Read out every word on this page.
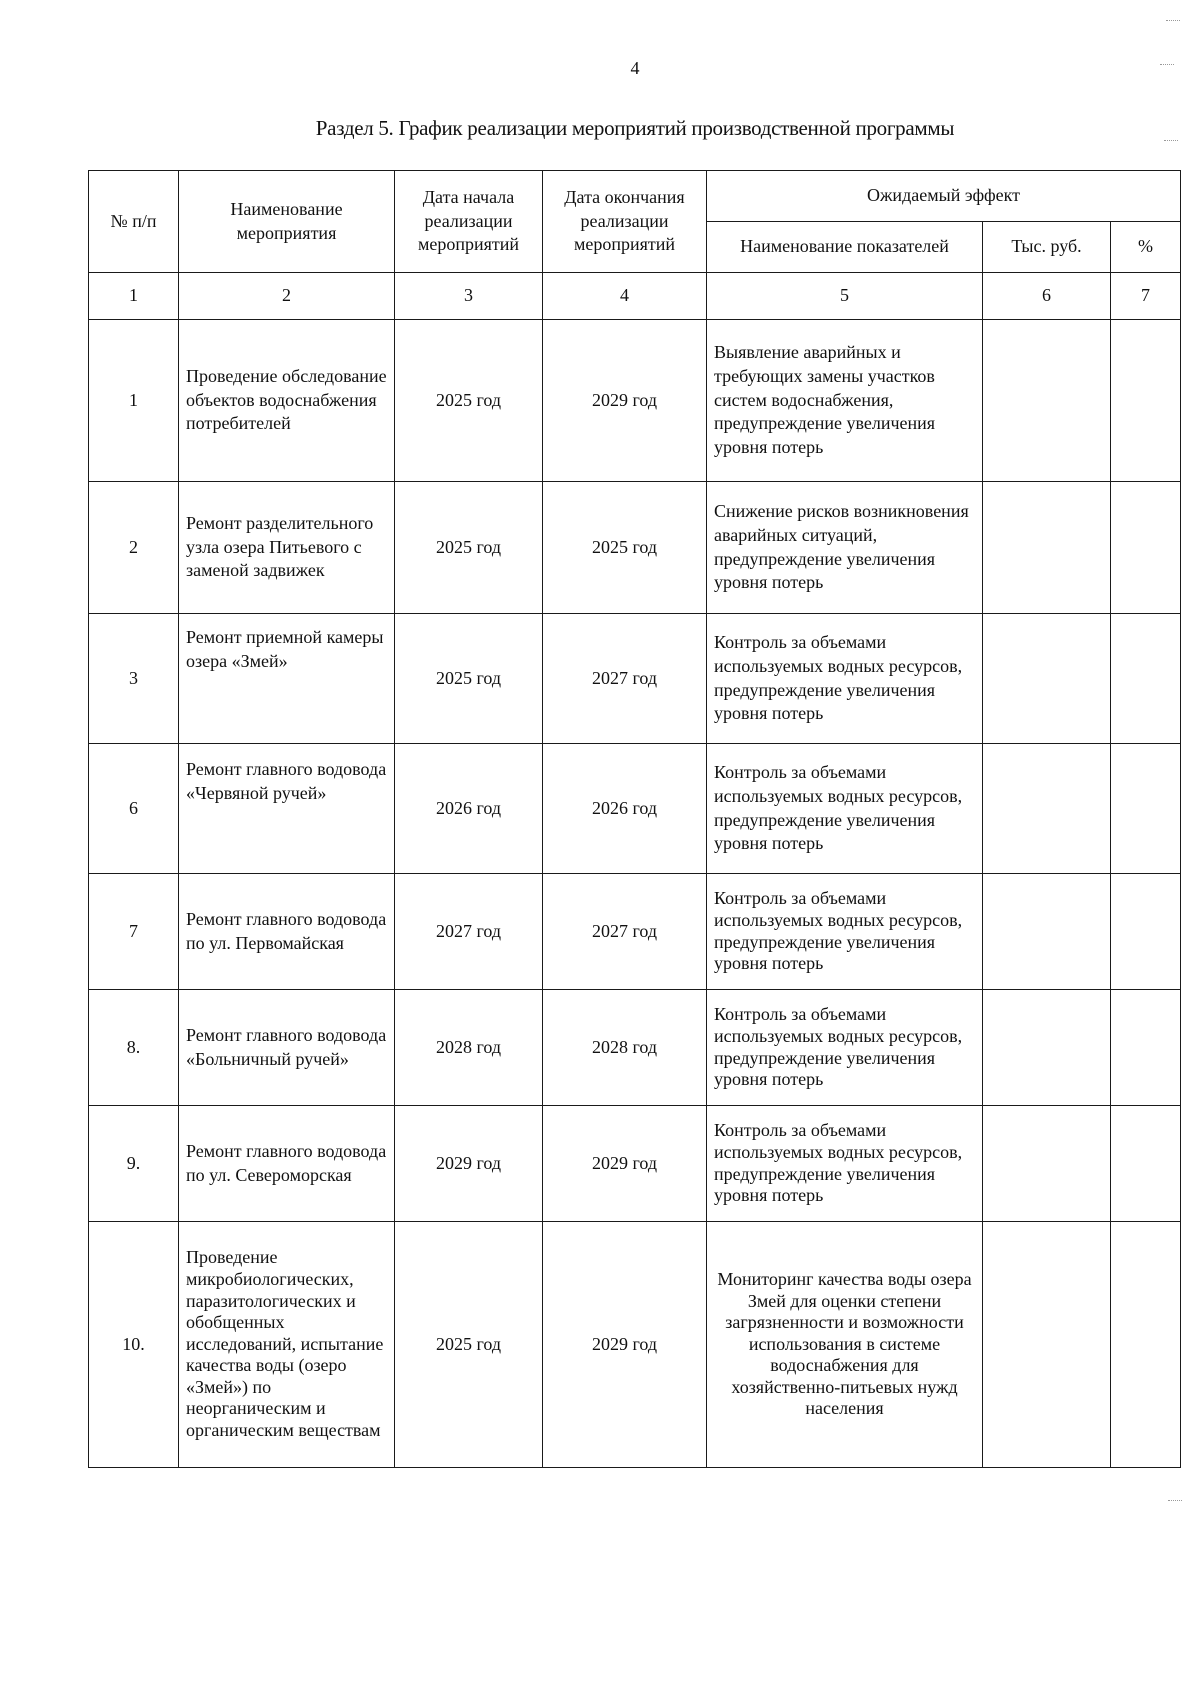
4
Раздел 5. График реализации мероприятий производственной программы
№ п/п	Наименование мероприятия	Дата начала реализации мероприятий	Дата окончания реализации мероприятий	Ожидаемый эффект		
				Наименование показателей	Тыс. руб.	%
1	2	3	4	5	6	7
1	Проведение обследование объектов водоснабжения потребителей	2025 год	2029 год	Выявление аварийных и требующих замены участков систем водоснабжения, предупреждение увеличения уровня потерь		
2	Ремонт разделительного узла озера Питьевого с заменой задвижек	2025 год	2025 год	Снижение рисков возникновения аварийных ситуаций, предупреждение увеличения уровня потерь		
3	Ремонт приемной камеры озера «Змей»	2025 год	2027 год	Контроль за объемами используемых водных ресурсов, предупреждение увеличения уровня потерь		
6	Ремонт главного водовода «Червяной ручей»	2026 год	2026 год	Контроль за объемами используемых водных ресурсов, предупреждение увеличения уровня потерь		
7	Ремонт главного водовода по ул. Первомайская	2027 год	2027 год	Контроль за объемами используемых водных ресурсов, предупреждение увеличения уровня потерь		
8.	Ремонт главного водовода «Больничный ручей»	2028 год	2028 год	Контроль за объемами используемых водных ресурсов, предупреждение увеличения уровня потерь		
9.	Ремонт главного водовода по ул. Североморская	2029 год	2029 год	Контроль за объемами используемых водных ресурсов, предупреждение увеличения уровня потерь		
10.	Проведение микробиологических, паразитологических и обобщенных исследований, испытание качества воды (озеро «Змей») по неорганическим и органическим веществам	2025 год	2029 год	Мониторинг качества воды озера Змей для оценки степени загрязненности и возможности использования в системе водоснабжения для хозяйственно-питьевых нужд населения		
